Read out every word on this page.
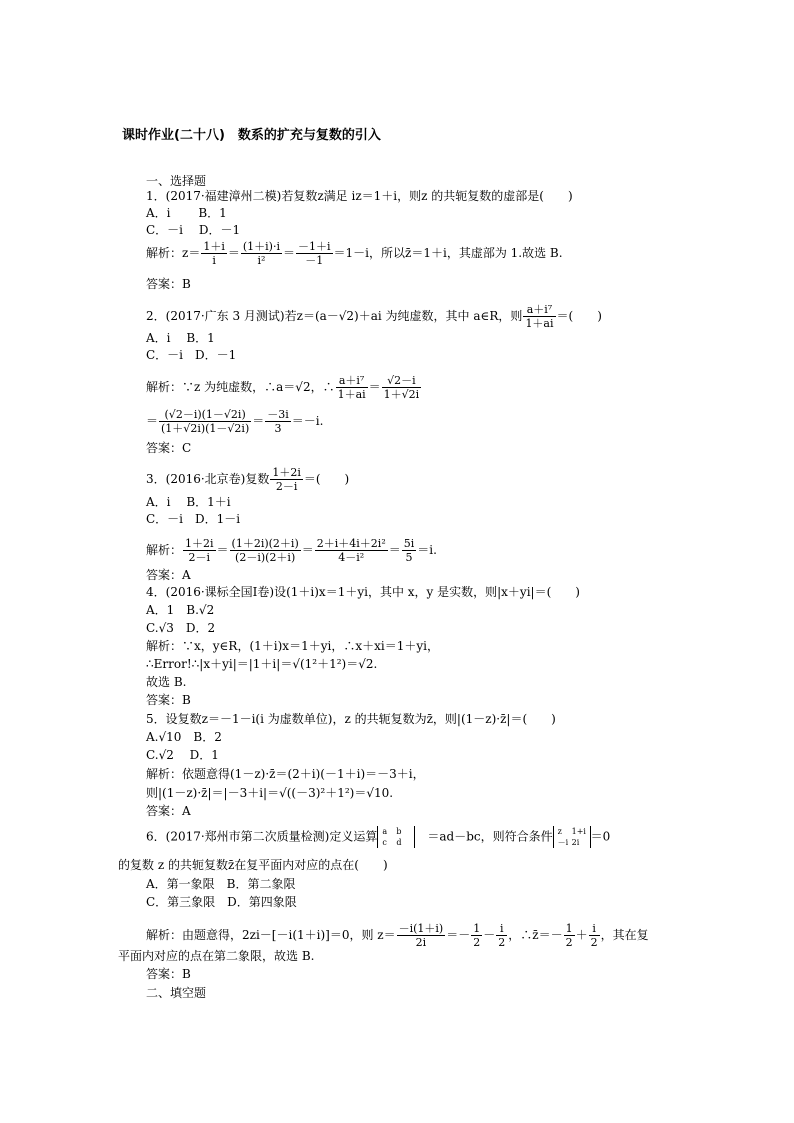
课时作业(二十八)　数系的扩充与复数的引入
一、选择题
1．(2017·福建漳州二模)若复数z满足 iz＝1＋i，则z 的共轭复数的虚部是(　　)
A．i　　 B．1
C．－i　 D．－1
解析：$z= \frac{1+i}{i} = \frac{(1+i)\cdot i}{\text{i²}} = \frac{-1+i}{-1} =1-i$，所以z̄＝1＋i，其虚部为 1.故选 B.
答案：B
2．(2017·广东 3 月测试)若z＝(a－√2)＋ai 为纯虚数，其中 a∈R，则 $\frac{\text{a＋i⁷}}{1+ai}$ ＝(　　)
A．i　 B．1
C．－i　D．－1
解析：∵z 为纯虚数，∴a＝√2，∴ $\frac{\text{a＋i⁷}}{1+ai} = \frac{√2-i}{1+√2i}$
＝ $\frac{(√2-i)(1-√2i)}{(1+√2i)(1-√2i)} = \frac{-3i}{3} =-i$.
答案：C
3．(2016·北京卷)复数 $\frac{1+2i}{2-i}$ ＝(　　)
A．i　 B．1＋i
C．－i　D．1－i
解析： $\frac{1+2i}{2-i} = \frac{(1+2i)(2+i)}{(2-i)(2+i)} = \frac{\text{2＋i＋4i＋2i²}}{\text{4－i²}} = \frac{5i}{5} =i$.
答案：A
4．(2016·课标全国Ⅰ卷)设(1＋i)x＝1＋yi，其中 x，y 是实数，则|x＋yi|＝(　　)
A．1　B.√2
C.√3　D．2
解析：∵x，y∈R，(1＋i)x＝1＋yi，∴x＋xi＝1＋yi，
∴Error!∴|x＋yi|＝|1＋i|＝√(1²＋1²)＝√2.
故选 B.
答案：B
5．设复数z＝－1－i(i 为虚数单位)，z 的共轭复数为z̄，则|(1－z)·z̄|＝(　　)
A.√10　B．2
C.√2　 D．1
解析：依题意得(1－z)·z̄＝(2＋i)(－1＋i)＝－3＋i，
则|(1－z)·z̄|＝|－3＋i|＝√((－3)²＋1²)＝√10.
答案：A
6．(2017·郑州市第二次质量检测)定义运算 a b
c d　 ＝ad－bc，则符合条件 z 1+i
－i 2i ＝0
的复数 z 的共轭复数z̄在复平面内对应的点在(　　)
A．第一象限　B．第二象限
C．第三象限　D．第四象限
解析：由题意得，2zi－[－i(1＋i)]＝0，则 $z= \frac{-i(1+i)}{2i} =- \frac{1}{2} - \frac{i}{2}$ ，∴z̄＝－ $\frac{1}{2} + \frac{i}{2}$ ，其在复
平面内对应的点在第二象限，故选 B.
答案：B
二、填空题
